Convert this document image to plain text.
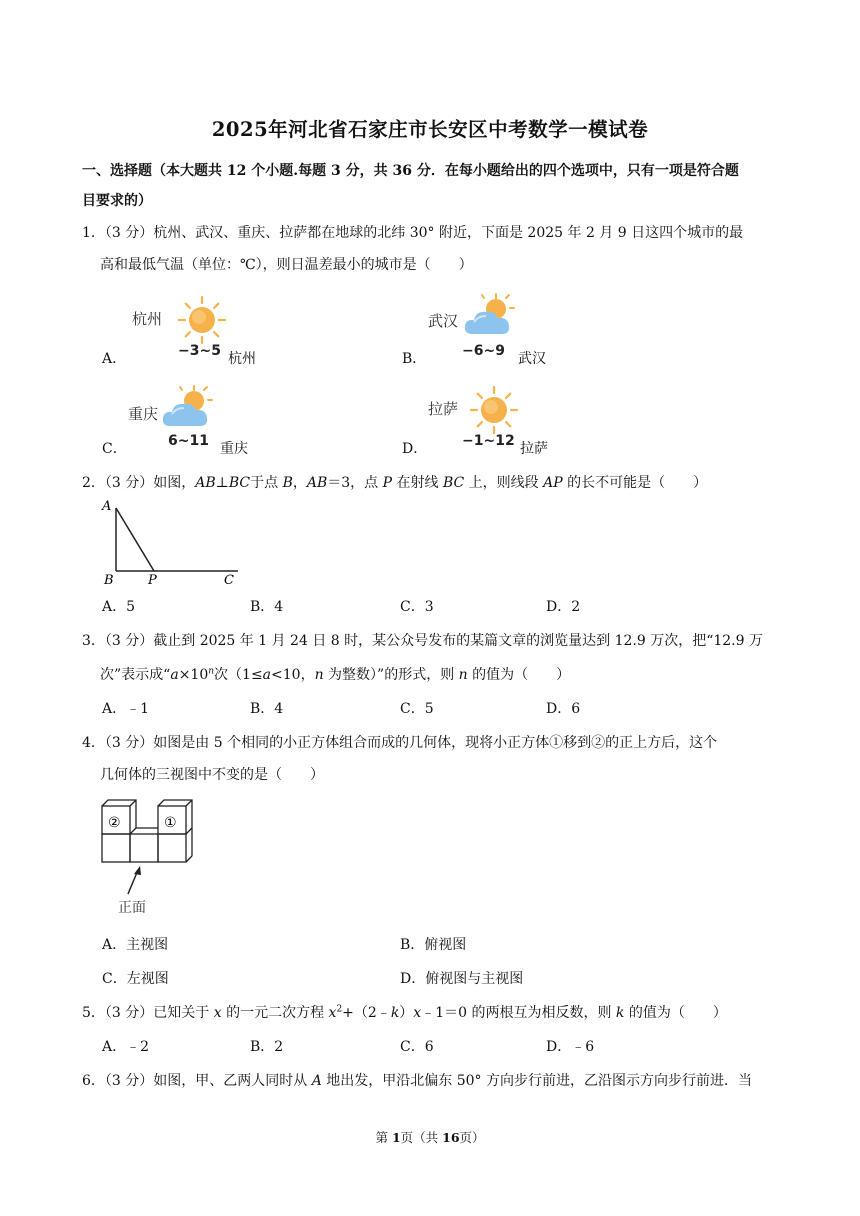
2025年河北省石家庄市长安区中考数学一模试卷
一、选择题（本大题共 12 个小题.每题 3 分，共 36 分．在每小题给出的四个选项中，只有一项是符合题
目要求的）
1．（3 分）杭州、武汉、重庆、拉萨都在地球的北纬 30° 附近，下面是 2025 年 2 月 9 日这四个城市的最
高和最低气温（单位：℃），则日温差最小的城市是（　　）
A．
杭州
−3~5 杭州	B．
武汉
−6~9 武汉
C．
重庆
6~11 重庆	D．
拉萨
−1~12 拉萨
2．（3 分）如图，AB⊥BC于点 B，AB＝3，点 P 在射线 BC 上，则线段 AP 的长不可能是（　　）
A
B	P	C
A．5	B．4	C．3	D．2
3．（3 分）截止到 2025 年 1 月 24 日 8 时，某公众号发布的某篇文章的浏览量达到 12.9 万次，把“12.9 万
次”表示成“$a\times 10^n$次（1≤a<10，n 为整数）”的形式，则 n 的值为（　　）
A．﹣1	B．4	C．5	D．6
4．（3 分）如图是由 5 个相同的小正方体组合而成的几何体，现将小正方体①移到②的正上方后，这个
几何体的三视图中不变的是（　　）
②	①
正面
A．主视图	B．俯视图
C．左视图	D．俯视图与主视图
5．（3 分）已知关于 x 的一元二次方程 $x^2+(2﹣k)x﹣1=0$ 的两根互为相反数，则 k 的值为（　　）
A．﹣2	B．2	C．6	D．﹣6
6．（3 分）如图，甲、乙两人同时从 A 地出发，甲沿北偏东 50° 方向步行前进，乙沿图示方向步行前进．当
第 1页（共 16页）
